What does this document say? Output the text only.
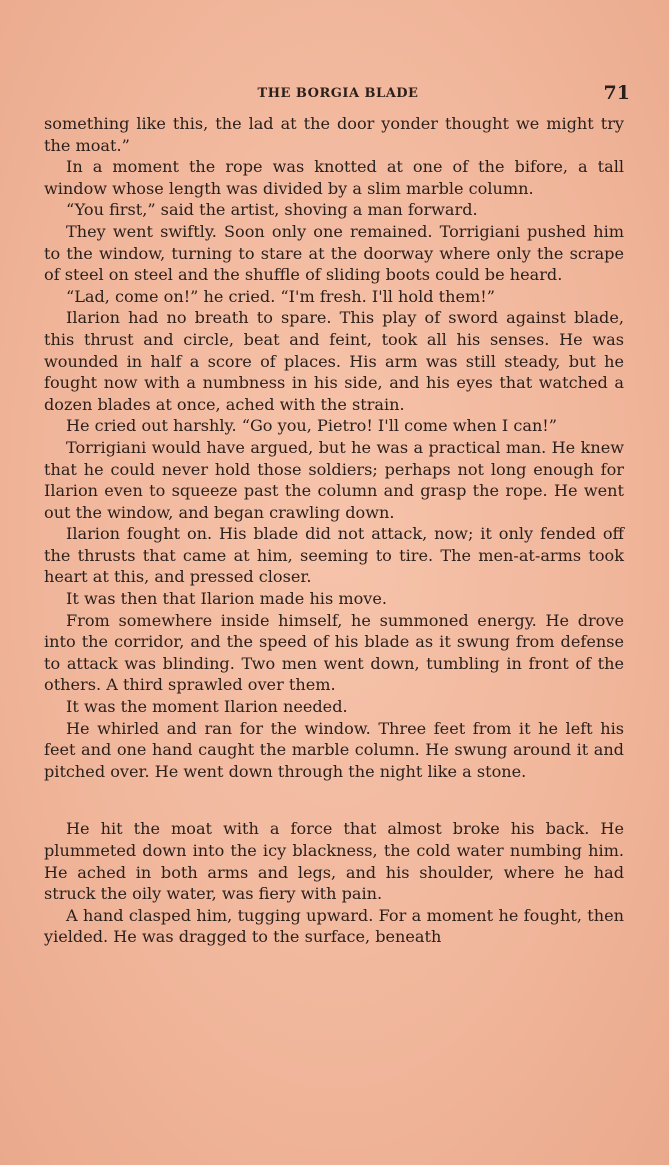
THE BORGIA BLADE	71

something like this, the lad at the door yonder thought we might try the moat.”

In a moment the rope was knotted at one of the bifore, a tall window whose length was divided by a slim marble column.

“You first,” said the artist, shoving a man forward.

They went swiftly. Soon only one remained. Torrigiani pushed him to the window, turning to stare at the doorway where only the scrape of steel on steel and the shuffle of sliding boots could be heard.

“Lad, come on!” he cried. “I'm fresh. I'll hold them!”

Ilarion had no breath to spare. This play of sword against blade, this thrust and circle, beat and feint, took all his senses. He was wounded in half a score of places. His arm was still steady, but he fought now with a numbness in his side, and his eyes that watched a dozen blades at once, ached with the strain.

He cried out harshly. “Go you, Pietro! I'll come when I can!”

Torrigiani would have argued, but he was a practical man. He knew that he could never hold those soldiers; perhaps not long enough for Ilarion even to squeeze past the column and grasp the rope. He went out the window, and began crawling down.

Ilarion fought on. His blade did not attack, now; it only fended off the thrusts that came at him, seeming to tire. The men-at-arms took heart at this, and pressed closer.

It was then that Ilarion made his move.

From somewhere inside himself, he summoned energy. He drove into the corridor, and the speed of his blade as it swung from defense to attack was blinding. Two men went down, tumbling in front of the others. A third sprawled over them.

It was the moment Ilarion needed.

He whirled and ran for the window. Three feet from it he left his feet and one hand caught the marble column. He swung around it and pitched over. He went down through the night like a stone.

He hit the moat with a force that almost broke his back. He plummeted down into the icy blackness, the cold water numbing him. He ached in both arms and legs, and his shoulder, where he had struck the oily water, was fiery with pain.

A hand clasped him, tugging upward. For a moment he fought, then yielded. He was dragged to the surface, beneath
